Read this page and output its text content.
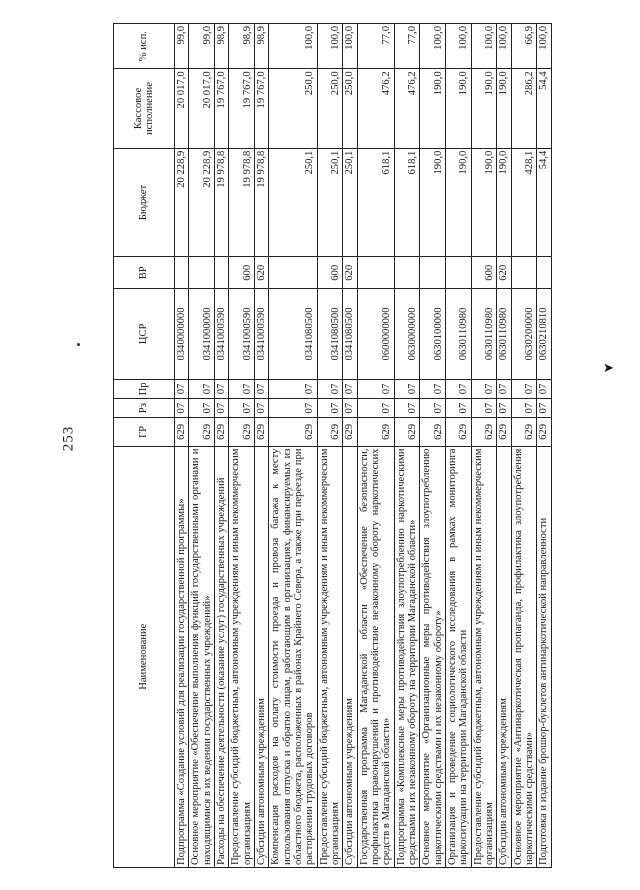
253
Наименование	ГР	Рз	Пр	ЦСР	ВР	Бюджет	Кассовое исполнение	% исп.
Подпрограмма «Создание условий для реализации государственной программы»	629	07	07	0340000000		20 228,9	20 017,0	99,0
Основное мероприятие «Обеспечение выполнения функций государственными органами и находящимися в их ведении государственных учреждений»	629	07	07	0341000000		20 228,9	20 017,0	99,0
Расходы на обеспечение деятельности (оказание услуг) государственных учреждений	629	07	07	0341000590		19 978,8	19 767,0	98,9
Предоставление субсидий бюджетным, автономным учреждениям и иным некоммерческим организациям	629	07	07	0341000590	600	19 978,8	19 767,0	98,9
Субсидии автономным учреждениям	629	07	07	0341000590	620	19 978,8	19 767,0	98,9
Компенсация расходов на оплату стоимости проезда и провоза багажа к месту использования отпуска и обратно лицам, работающим в организациях, финансируемых из областного бюджета, расположенных в районах Крайнего Севера, а также при переезде при расторжении трудовых договоров	629	07	07	0341080500		250,1	250,0	100,0
Предоставление субсидий бюджетным, автономным учреждениям и иным некоммерческим организациям	629	07	07	0341080500	600	250,1	250,0	100,0
Субсидии автономным учреждениям	629	07	07	0341080500	620	250,1	250,0	100,0
Государственная программа Магаданской области «Обеспечение безопасности, профилактика правонарушений и противодействие незаконному обороту наркотических средств в Магаданской области»	629	07	07	0600000000		618,1	476,2	77,0
Подпрограмма «Комплексные меры противодействия злоупотреблению наркотическими средствами и их незаконному обороту на территории Магаданской области»	629	07	07	0630000000		618,1	476,2	77,0
Основное мероприятие «Организационные меры противодействия злоупотреблению наркотическими средствами и их незаконному обороту»	629	07	07	0630100000		190,0	190,0	100,0
Организация и проведение социологического исследования в рамках мониторинга наркоситуации на территории Магаданской области	629	07	07	0630110980		190,0	190,0	100,0
Предоставление субсидий бюджетным, автономным учреждениям и иным некоммерческим организациям	629	07	07	0630110980	600	190,0	190,0	100,0
Субсидии автономным учреждениям	629	07	07	0630110980	620	190,0	190,0	100,0
Основное мероприятие «Антинаркотическая пропаганда, профилактика злоупотребления наркотическими средствами»	629	07	07	0630200000		428,1	286,2	66,9
Подготовка и издание брошюр-буклетов антинаркотической направленности	629	07	07	0630210810		54,4	54,4	100,0
➤
